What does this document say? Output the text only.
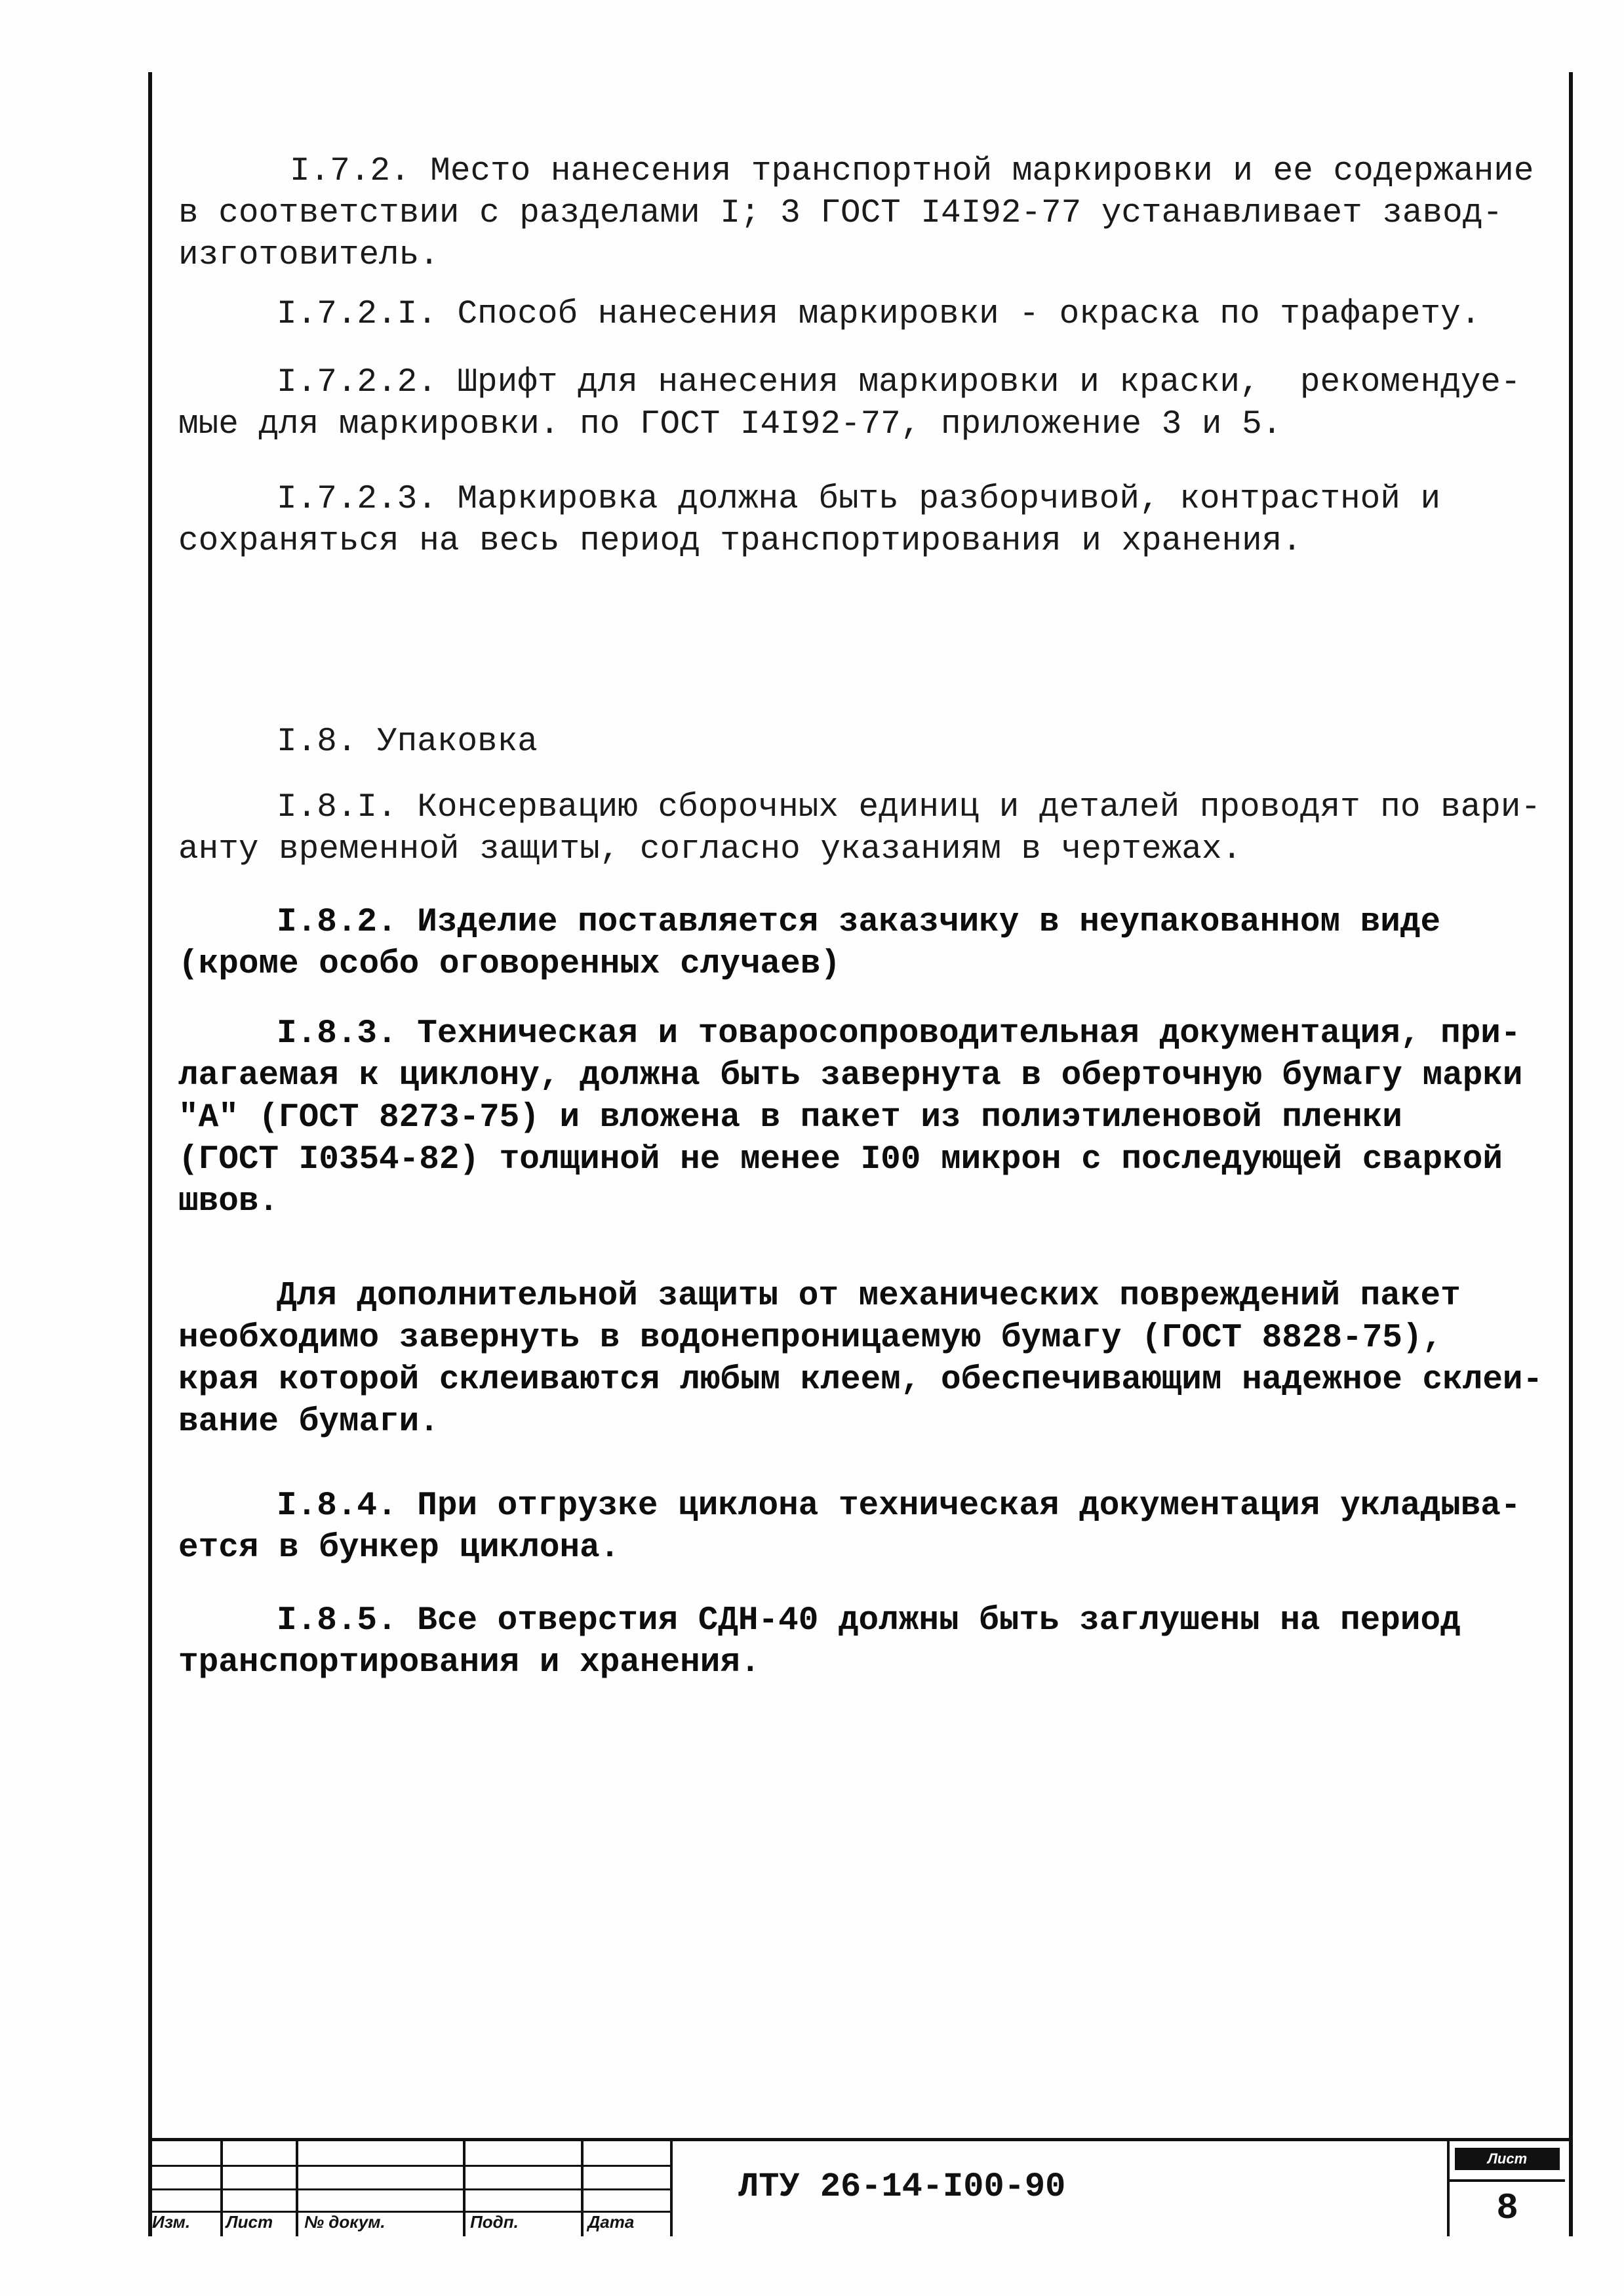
І.7.2. Место нанесения транспортной маркировки и ее содержание
в соответствии с разделами I; 3 ГОСТ І4І92-77 устанавливает завод-
изготовитель.

І.7.2.І. Способ нанесения маркировки - окраска по трафарету.

І.7.2.2. Шрифт для нанесения маркировки и краски,  рекомендуе-
мые для маркировки. по ГОСТ І4І92-77, приложение 3 и 5.

І.7.2.3. Маркировка должна быть разборчивой, контрастной и
сохраняться на весь период транспортирования и хранения.

І.8. Упаковка

І.8.І. Консервацию сборочных единиц и деталей проводят по вари-
анту временной защиты, согласно указаниям в чертежах.

І.8.2. Изделие поставляется заказчику в неупакованном виде
(кроме особо оговоренных случаев)

І.8.3. Техническая и товаросопроводительная документация, при-
лагаемая к циклону, должна быть завернута в оберточную бумагу марки
"А" (ГОСТ 8273-75) и вложена в пакет из полиэтиленовой пленки
(ГОСТ І0354-82) толщиной не менее І00 микрон с последующей сваркой
швов.

Для дополнительной защиты от механических повреждений пакет
необходимо завернуть в водонепроницаемую бумагу (ГОСТ 8828-75),
края которой склеиваются любым клеем, обеспечивающим надежное склеи-
вание бумаги.

І.8.4. При отгрузке циклона техническая документация укладыва-
ется в бункер циклона.

І.8.5. Все отверстия СДН-40 должны быть заглушены на период
транспортирования и хранения.

Изм.	Лист	№ докум.	Подп.	Дата
ЛТУ 26-14-І00-90
Лист
8
